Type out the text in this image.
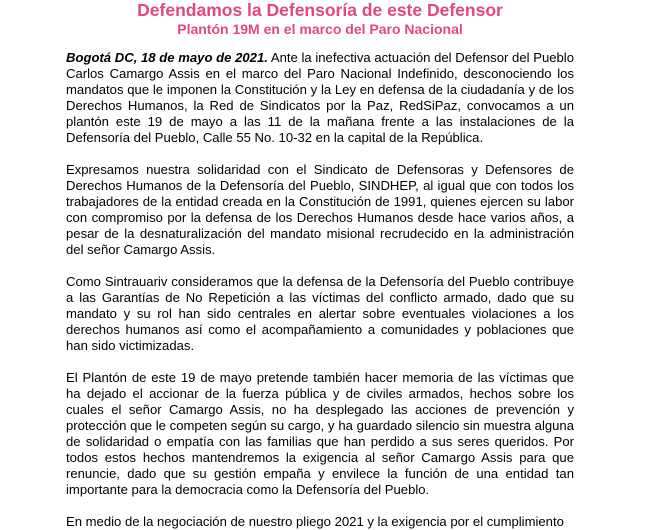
Defendamos la Defensoría de este Defensor
Plantón 19M en el marco del Paro Nacional

Bogotá DC, 18 de mayo de 2021. Ante la inefectiva actuación del Defensor del Pueblo Carlos Camargo Assis en el marco del Paro Nacional Indefinido, desconociendo los mandatos que le imponen la Constitución y la Ley en defensa de la ciudadanía y de los Derechos Humanos, la Red de Sindicatos por la Paz, RedSiPaz, convocamos a un plantón este 19 de mayo a las 11 de la mañana frente a las instalaciones de la Defensoría del Pueblo, Calle 55 No. 10-32 en la capital de la República.

Expresamos nuestra solidaridad con el Sindicato de Defensoras y Defensores de Derechos Humanos de la Defensoría del Pueblo, SINDHEP, al igual que con todos los trabajadores de la entidad creada en la Constitución de 1991, quienes ejercen su labor con compromiso por la defensa de los Derechos Humanos desde hace varios años, a pesar de la desnaturalización del mandato misional recrudecido en la administración del señor Camargo Assis.

Como Sintrauariv consideramos que la defensa de la Defensoría del Pueblo contribuye a las Garantías de No Repetición a las víctimas del conflicto armado, dado que su mandato y su rol han sido centrales en alertar sobre eventuales violaciones a los derechos humanos así como el acompañamiento a comunidades y poblaciones que han sido victimizadas.

El Plantón de este 19 de mayo pretende también hacer memoria de las víctimas que ha dejado el accionar de la fuerza pública y de civiles armados, hechos sobre los cuales el señor Camargo Assis, no ha desplegado las acciones de prevención y protección que le competen según su cargo, y ha guardado silencio sin muestra alguna de solidaridad o empatía con las familias que han perdido a sus seres queridos. Por todos estos hechos mantendremos la exigencia al señor Camargo Assis para que renuncie, dado que su gestión empaña y envilece la función de una entidad tan importante para la democracia como la Defensoría del Pueblo.

En medio de la negociación de nuestro pliego 2021 y la exigencia por el cumplimiento
